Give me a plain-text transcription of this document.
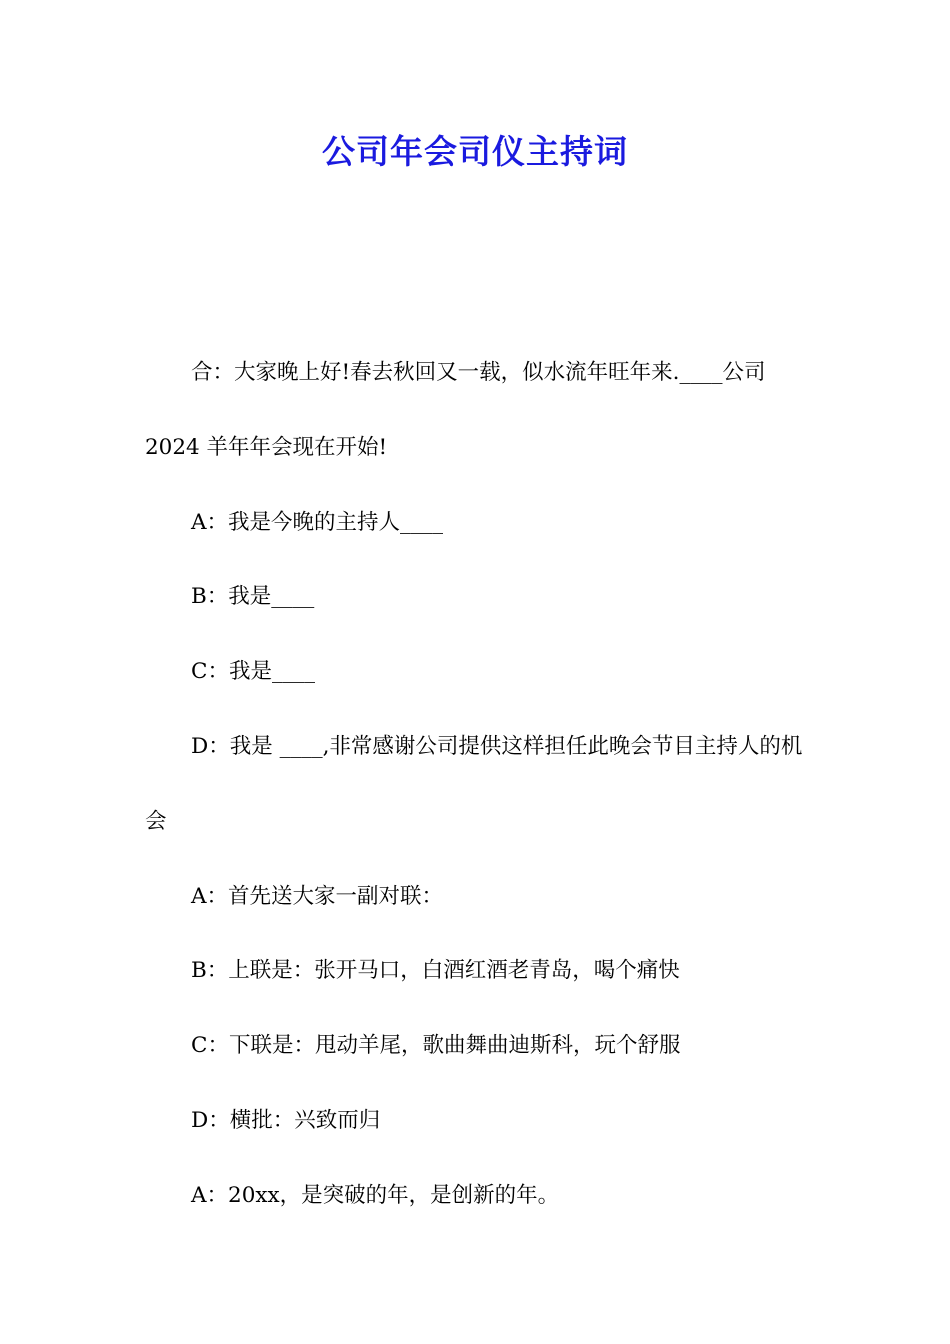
公司年会司仪主持词

合：大家晚上好!春去秋回又一载，似水流年旺年来.____公司 2024 羊年年会现在开始!

A：我是今晚的主持人____

B：我是____

C：我是____

D：我是 ____,非常感谢公司提供这样担任此晚会节目主持人的机会

A：首先送大家一副对联：

B：上联是：张开马口，白酒红酒老青岛，喝个痛快

C：下联是：甩动羊尾，歌曲舞曲迪斯科，玩个舒服

D：横批：兴致而归

A：20xx，是突破的年，是创新的年。
